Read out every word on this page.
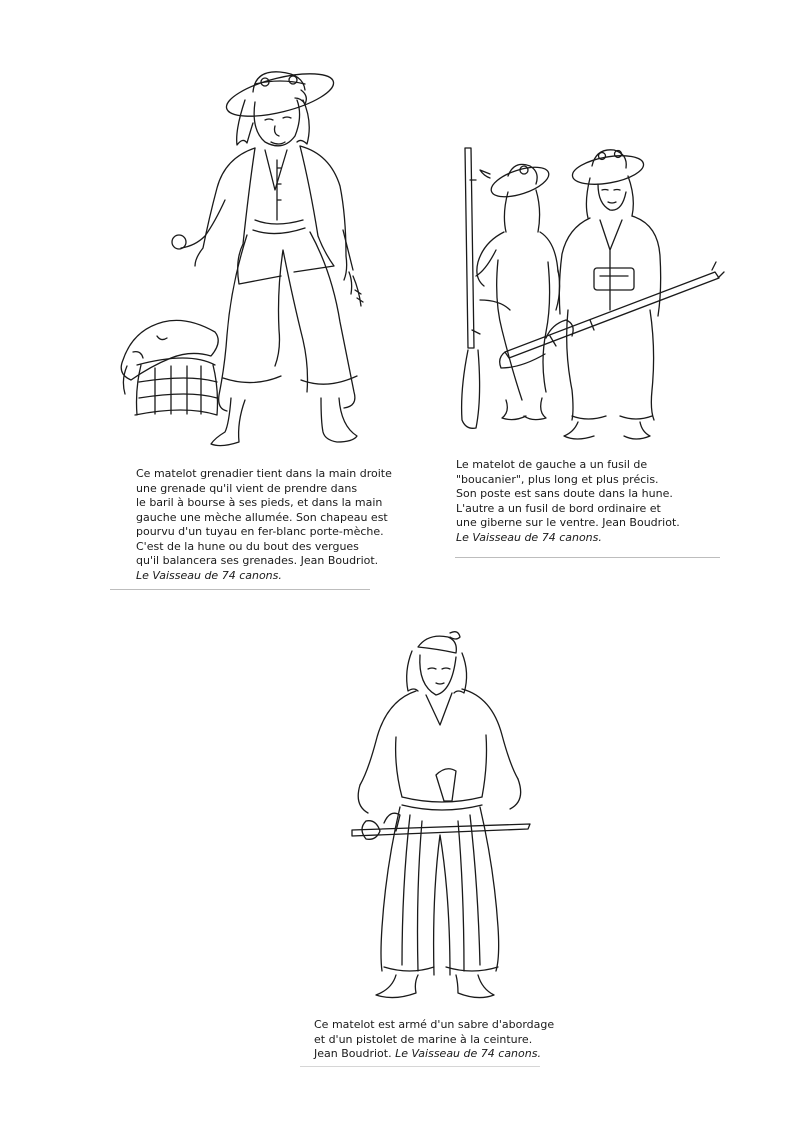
Ce matelot grenadier tient dans la main droite
une grenade qu'il vient de prendre dans
le baril à bourse à ses pieds, et dans la main
gauche une mèche allumée. Son chapeau est
pourvu d'un tuyau en fer-blanc porte-mèche.
C'est de la hune ou du bout des vergues
qu'il balancera ses grenades. Jean Boudriot.
Le Vaisseau de 74 canons.
Le matelot de gauche a un fusil de
"boucanier", plus long et plus précis.
Son poste est sans doute dans la hune.
L'autre a un fusil de bord ordinaire et
une giberne sur le ventre. Jean Boudriot.
Le Vaisseau de 74 canons.
Ce matelot est armé d'un sabre d'abordage
et d'un pistolet de marine à la ceinture.
Jean Boudriot. Le Vaisseau de 74 canons.
